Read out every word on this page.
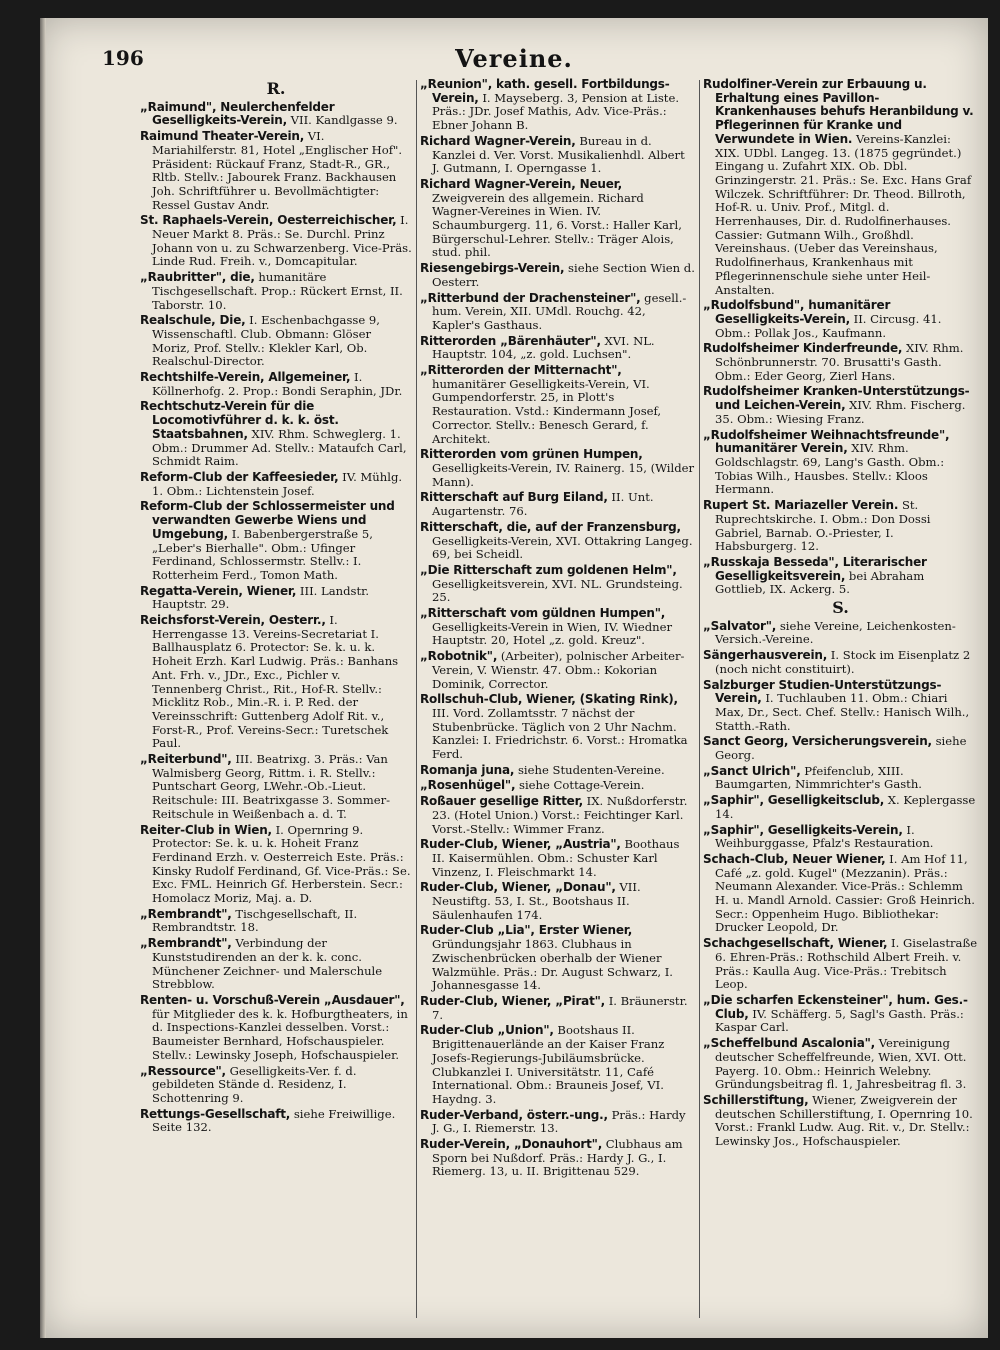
196	Vereine.
R.
„Raimund", Neulerchenfelder Geselligkeits-Verein, VII. Kandlgasse 9.
Raimund Theater-Verein, VI. Mariahilferstr. 81, Hotel „Englischer Hof". Präsident: Rückauf Franz, Stadt-R., GR., Rltb. Stellv.: Jabourek Franz. Backhausen Joh. Schriftführer u. Bevollmächtigter: Ressel Gustav Andr.
St. Raphaels-Verein, Oesterreichischer, I. Neuer Markt 8. Präs.: Se. Durchl. Prinz Johann von u. zu Schwarzenberg. Vice-Präs. Linde Rud. Freih. v., Domcapitular.
„Raubritter", die, humanitäre Tischgesellschaft. Prop.: Rückert Ernst, II. Taborstr. 10.
Realschule, Die, I. Eschenbachgasse 9, Wissenschaftl. Club. Obmann: Glöser Moriz, Prof. Stellv.: Klekler Karl, Ob. Realschul-Director.
Rechtshilfe-Verein, Allgemeiner, I. Köllnerhofg. 2. Prop.: Bondi Seraphin, JDr.
Rechtschutz-Verein für die Locomotivführer d. k. k. öst. Staatsbahnen, XIV. Rhm. Schweglerg. 1. Obm.: Drummer Ad. Stellv.: Mataufch Carl, Schmidt Raim.
Reform-Club der Kaffeesieder, IV. Mühlg. 1. Obm.: Lichtenstein Josef.
Reform-Club der Schlossermeister und verwandten Gewerbe Wiens und Umgebung, I. Babenbergerstraße 5, „Leber's Bierhalle". Obm.: Ufinger Ferdinand, Schlossermstr. Stellv.: I. Rotterheim Ferd., Tomon Math.
Regatta-Verein, Wiener, III. Landstr. Hauptstr. 29.
Reichsforst-Verein, Oesterr., I. Herrengasse 13. Vereins-Secretariat I. Ballhausplatz 6. Protector: Se. k. u. k. Hoheit Erzh. Karl Ludwig. Präs.: Banhans Ant. Frh. v., JDr., Exc., Pichler v. Tennenberg Christ., Rit., Hof-R. Stellv.: Micklitz Rob., Min.-R. i. P. Red. der Vereinsschrift: Guttenberg Adolf Rit. v., Forst-R., Prof. Vereins-Secr.: Turetschek Paul.
„Reiterbund", III. Beatrixg. 3. Präs.: Van Walmisberg Georg, Rittm. i. R. Stellv.: Puntschart Georg, LWehr.-Ob.-Lieut. Reitschule: III. Beatrixgasse 3. Sommer-Reitschule in Weißenbach a. d. T.
Reiter-Club in Wien, I. Opernring 9. Protector: Se. k. u. k. Hoheit Franz Ferdinand Erzh. v. Oesterreich Este. Präs.: Kinsky Rudolf Ferdinand, Gf. Vice-Präs.: Se. Exc. FML. Heinrich Gf. Herberstein. Secr.: Homolacz Moriz, Maj. a. D.
„Rembrandt", Tischgesellschaft, II. Rembrandtstr. 18.
„Rembrandt", Verbindung der Kunststudirenden an der k. k. conc. Münchener Zeichner- und Malerschule Strebblow.
Renten- u. Vorschuß-Verein „Ausdauer", für Mitglieder des k. k. Hofburgtheaters, in d. Inspections-Kanzlei desselben. Vorst.: Baumeister Bernhard, Hofschauspieler. Stellv.: Lewinsky Joseph, Hofschauspieler.
„Ressource", Geselligkeits-Ver. f. d. gebildeten Stände d. Residenz, I. Schottenring 9.
Rettungs-Gesellschaft, siehe Freiwillige. Seite 132.
„Reunion", kath. gesell. Fortbildungs-Verein, I. Mayseberg. 3, Pension at Liste. Präs.: JDr. Josef Mathis, Adv. Vice-Präs.: Ebner Johann B.
Richard Wagner-Verein, Bureau in d. Kanzlei d. Ver. Vorst. Musikalienhdl. Albert J. Gutmann, I. Operngasse 1.
Richard Wagner-Verein, Neuer, Zweigverein des allgemein. Richard Wagner-Vereines in Wien. IV. Schaumburgerg. 11, 6. Vorst.: Haller Karl, Bürgerschul-Lehrer. Stellv.: Träger Alois, stud. phil.
Riesengebirgs-Verein, siehe Section Wien d. Oesterr.
„Ritterbund der Drachensteiner", gesell.-hum. Verein, XII. UMdl. Rouchg. 42, Kapler's Gasthaus.
Ritterorden „Bärenhäuter", XVI. NL. Hauptstr. 104, „z. gold. Luchsen".
„Ritterorden der Mitternacht", humanitärer Geselligkeits-Verein, VI. Gumpendorferstr. 25, in Plott's Restauration. Vstd.: Kindermann Josef, Corrector. Stellv.: Benesch Gerard, f. Architekt.
Ritterorden vom grünen Humpen, Geselligkeits-Verein, IV. Rainerg. 15, (Wilder Mann).
Ritterschaft auf Burg Eiland, II. Unt. Augartenstr. 76.
Ritterschaft, die, auf der Franzensburg, Geselligkeits-Verein, XVI. Ottakring Langeg. 69, bei Scheidl.
„Die Ritterschaft zum goldenen Helm", Geselligkeitsverein, XVI. NL. Grundsteing. 25.
„Ritterschaft vom güldnen Humpen", Geselligkeits-Verein in Wien, IV. Wiedner Hauptstr. 20, Hotel „z. gold. Kreuz".
„Robotnik", (Arbeiter), polnischer Arbeiter-Verein, V. Wienstr. 47. Obm.: Kokorian Dominik, Corrector.
Rollschuh-Club, Wiener, (Skating Rink), III. Vord. Zollamtsstr. 7 nächst der Stubenbrücke. Täglich von 2 Uhr Nachm. Kanzlei: I. Friedrichstr. 6. Vorst.: Hromatka Ferd.
Romanja juna, siehe Studenten-Vereine.
„Rosenhügel", siehe Cottage-Verein.
Roßauer gesellige Ritter, IX. Nußdorferstr. 23. (Hotel Union.) Vorst.: Feichtinger Karl. Vorst.-Stellv.: Wimmer Franz.
Ruder-Club, Wiener, „Austria", Boothaus II. Kaisermühlen. Obm.: Schuster Karl Vinzenz, I. Fleischmarkt 14.
Ruder-Club, Wiener, „Donau", VII. Neustiftg. 53, I. St., Bootshaus II. Säulenhaufen 174.
Ruder-Club „Lia", Erster Wiener, Gründungsjahr 1863. Clubhaus in Zwischenbrücken oberhalb der Wiener Walzmühle. Präs.: Dr. August Schwarz, I. Johannesgasse 14.
Ruder-Club, Wiener, „Pirat", I. Bräunerstr. 7.
Ruder-Club „Union", Bootshaus II. Brigittenauerlände an der Kaiser Franz Josefs-Regierungs-Jubiläumsbrücke. Clubkanzlei I. Universitätstr. 11, Café International. Obm.: Brauneis Josef, VI. Haydng. 3.
Ruder-Verband, österr.-ung., Präs.: Hardy J. G., I. Riemerstr. 13.
Ruder-Verein, „Donauhort", Clubhaus am Sporn bei Nußdorf. Präs.: Hardy J. G., I. Riemerg. 13, u. II. Brigittenau 529.
Rudolfiner-Verein zur Erbauung u. Erhaltung eines Pavillon-Krankenhauses behufs Heranbildung v. Pflegerinnen für Kranke und Verwundete in Wien. Vereins-Kanzlei: XIX. UDbl. Langeg. 13. (1875 gegründet.) Eingang u. Zufahrt XIX. Ob. Dbl. Grinzingerstr. 21. Präs.: Se. Exc. Hans Graf Wilczek. Schriftführer: Dr. Theod. Billroth, Hof-R. u. Univ. Prof., Mitgl. d. Herrenhauses, Dir. d. Rudolfinerhauses. Cassier: Gutmann Wilh., Großhdl. Vereinshaus. (Ueber das Vereinshaus, Rudolfinerhaus, Krankenhaus mit Pflegerinnenschule siehe unter Heil-Anstalten.
„Rudolfsbund", humanitärer Geselligkeits-Verein, II. Circusg. 41. Obm.: Pollak Jos., Kaufmann.
Rudolfsheimer Kinderfreunde, XIV. Rhm. Schönbrunnerstr. 70. Brusatti's Gasth. Obm.: Eder Georg, Zierl Hans.
Rudolfsheimer Kranken-Unterstützungs- und Leichen-Verein, XIV. Rhm. Fischerg. 35. Obm.: Wiesing Franz.
„Rudolfsheimer Weihnachtsfreunde", humanitärer Verein, XIV. Rhm. Goldschlagstr. 69, Lang's Gasth. Obm.: Tobias Wilh., Hausbes. Stellv.: Kloos Hermann.
Rupert St. Mariazeller Verein. St. Ruprechtskirche. I. Obm.: Don Dossi Gabriel, Barnab. O.-Priester, I. Habsburgerg. 12.
„Russkaja Besseda", Literarischer Geselligkeitsverein, bei Abraham Gottlieb, IX. Ackerg. 5.
S.
„Salvator", siehe Vereine, Leichenkosten-Versich.-Vereine.
Sängerhausverein, I. Stock im Eisenplatz 2 (noch nicht constituirt).
Salzburger Studien-Unterstützungs-Verein, I. Tuchlauben 11. Obm.: Chiari Max, Dr., Sect. Chef. Stellv.: Hanisch Wilh., Statth.-Rath.
Sanct Georg, Versicherungsverein, siehe Georg.
„Sanct Ulrich", Pfeifenclub, XIII. Baumgarten, Nimmrichter's Gasth.
„Saphir", Geselligkeitsclub, X. Keplergasse 14.
„Saphir", Geselligkeits-Verein, I. Weihburggasse, Pfalz's Restauration.
Schach-Club, Neuer Wiener, I. Am Hof 11, Café „z. gold. Kugel" (Mezzanin). Präs.: Neumann Alexander. Vice-Präs.: Schlemm H. u. Mandl Arnold. Cassier: Groß Heinrich. Secr.: Oppenheim Hugo. Bibliothekar: Drucker Leopold, Dr.
Schachgesellschaft, Wiener, I. Giselastraße 6. Ehren-Präs.: Rothschild Albert Freih. v. Präs.: Kaulla Aug. Vice-Präs.: Trebitsch Leop.
„Die scharfen Eckensteiner", hum. Ges.-Club, IV. Schäfferg. 5, Sagl's Gasth. Präs.: Kaspar Carl.
„Scheffelbund Ascalonia", Vereinigung deutscher Scheffelfreunde, Wien, XVI. Ott. Payerg. 10. Obm.: Heinrich Welebny. Gründungsbeitrag fl. 1, Jahresbeitrag fl. 3.
Schillerstiftung, Wiener, Zweigverein der deutschen Schillerstiftung, I. Opernring 10. Vorst.: Frankl Ludw. Aug. Rit. v., Dr. Stellv.: Lewinsky Jos., Hofschauspieler.
